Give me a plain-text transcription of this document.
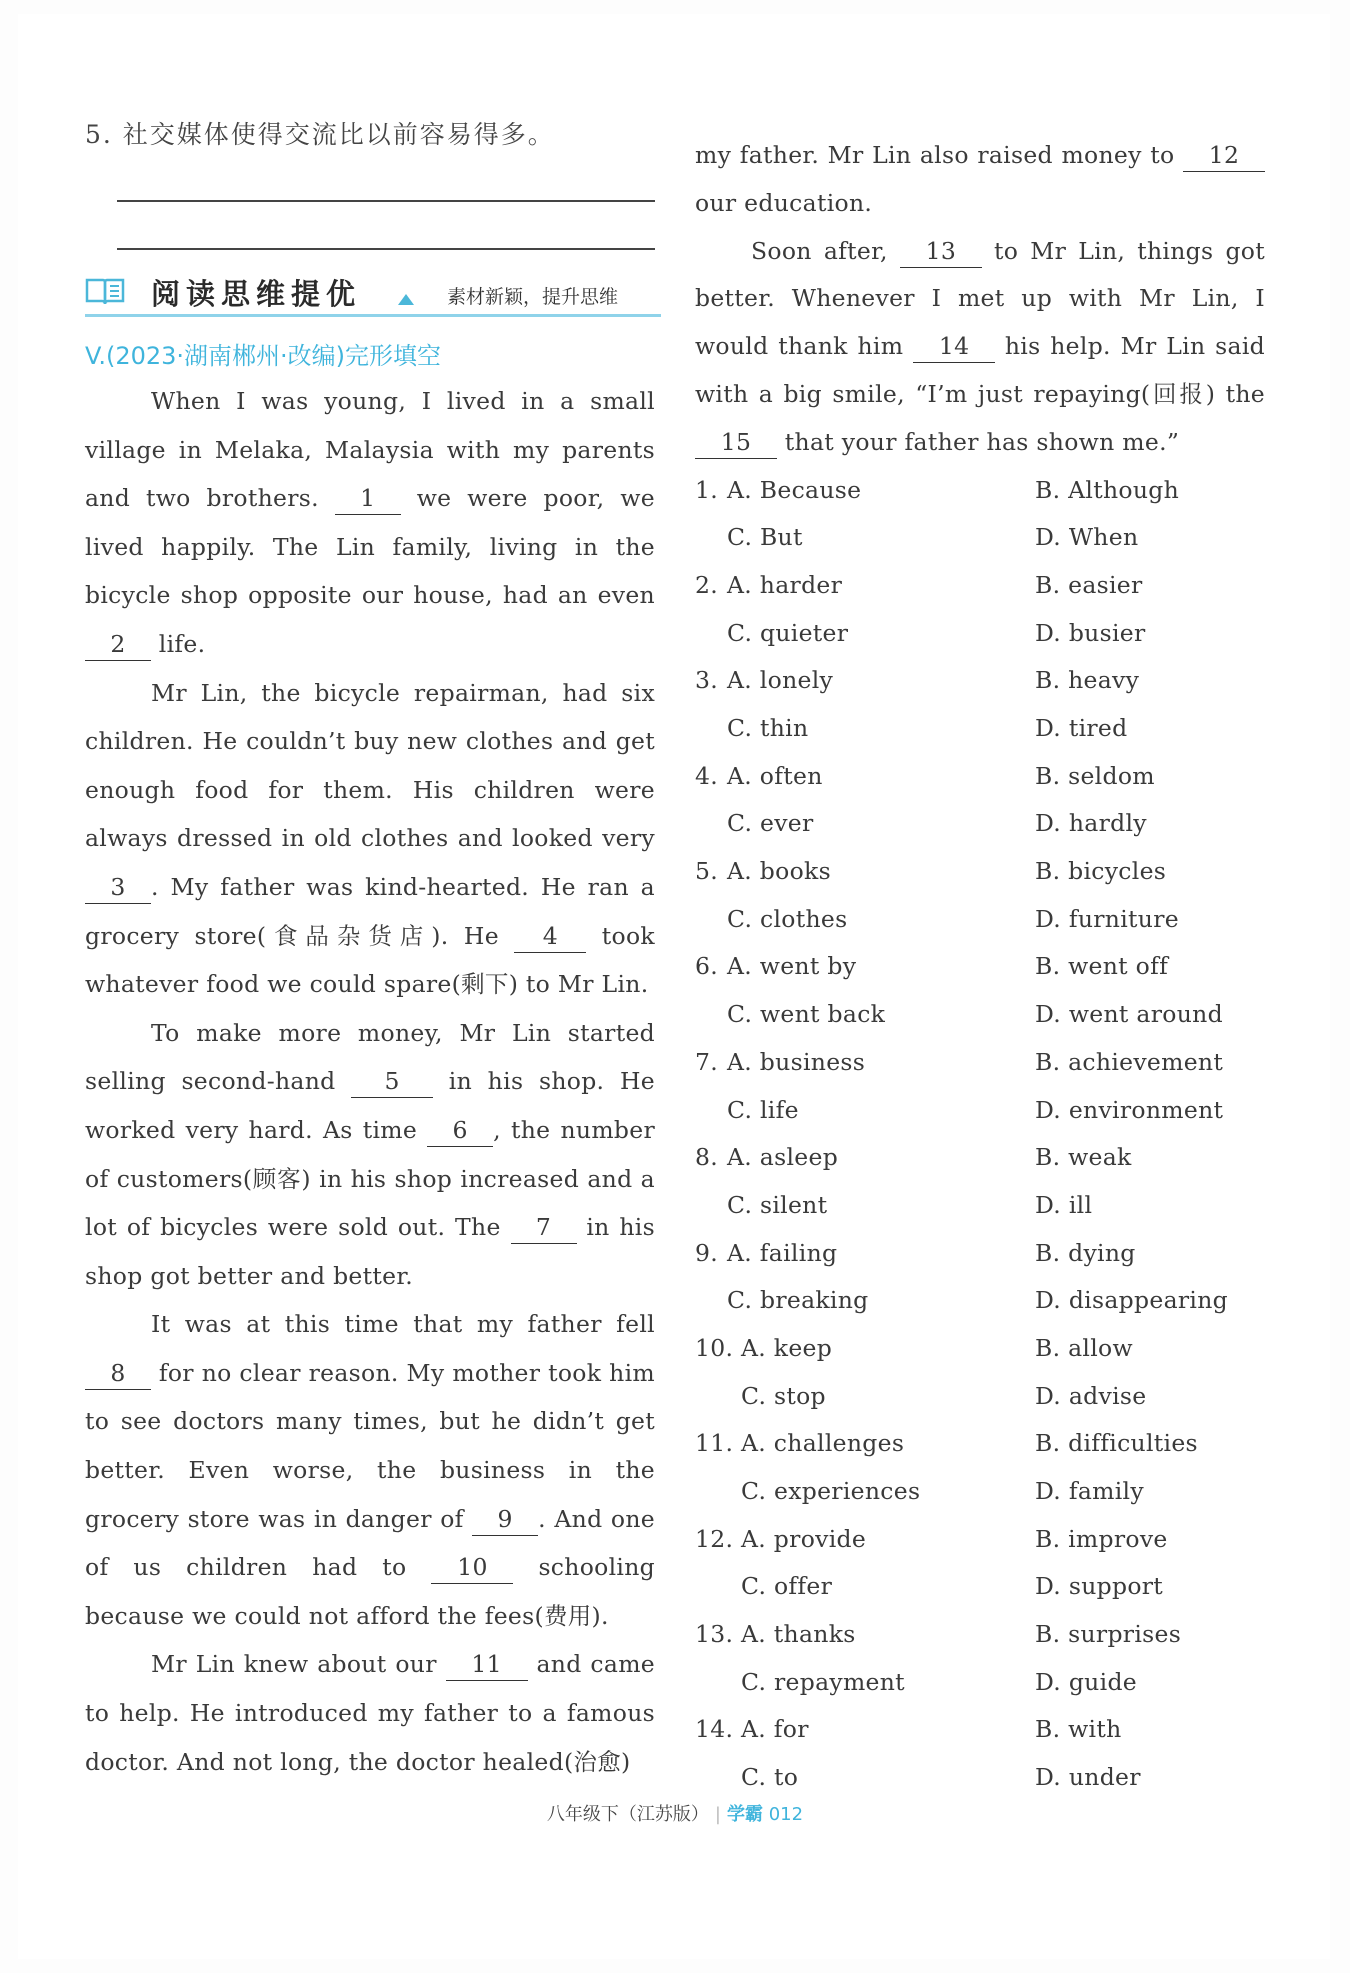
5. 社交媒体使得交流比以前容易得多。
阅读思维提优	素材新颖，提升思维
V.(2023·湖南郴州·改编)完形填空

When I was young, I lived in a small village in Melaka, Malaysia with my parents and two brothers. 1 we were poor, we lived happily. The Lin family, living in the bicycle shop opposite our house, had an even 2 life.

Mr Lin, the bicycle repairman, had six children. He couldn’t buy new clothes and get enough food for them. His children were always dressed in old clothes and looked very 3 . My father was kind-hearted. He ran a grocery store(食品杂货店). He 4 took whatever food we could spare(剩下) to Mr Lin.

To make more money, Mr Lin started selling second-hand 5 in his shop. He worked very hard. As time 6 , the number of customers(顾客) in his shop increased and a lot of bicycles were sold out. The 7 in his shop got better and better.

It was at this time that my father fell 8 for no clear reason. My mother took him to see doctors many times, but he didn’t get better. Even worse, the business in the grocery store was in danger of 9 . And one of us children had to 10 schooling because we could not afford the fees(费用).

Mr Lin knew about our 11 and came to help. He introduced my father to a famous doctor. And not long, the doctor healed(治愈)

my father. Mr Lin also raised money to 12 our education.

Soon after, 13 to Mr Lin, things got better. Whenever I met up with Mr Lin, I would thank him 14 his help. Mr Lin said with a big smile, “I’m just repaying(回报) the 15 that your father has shown me.”

1. A. Because	B. Although
C. But	D. When
2. A. harder	B. easier
C. quieter	D. busier
3. A. lonely	B. heavy
C. thin	D. tired
4. A. often	B. seldom
C. ever	D. hardly
5. A. books	B. bicycles
C. clothes	D. furniture
6. A. went by	B. went off
C. went back	D. went around
7. A. business	B. achievement
C. life	D. environment
8. A. asleep	B. weak
C. silent	D. ill
9. A. failing	B. dying
C. breaking	D. disappearing
10. A. keep	B. allow
C. stop	D. advise
11. A. challenges	B. difficulties
C. experiences	D. family
12. A. provide	B. improve
C. offer	D. support
13. A. thanks	B. surprises
C. repayment	D. guide
14. A. for	B. with
C. to	D. under
八年级下（江苏版） | 学霸 012
